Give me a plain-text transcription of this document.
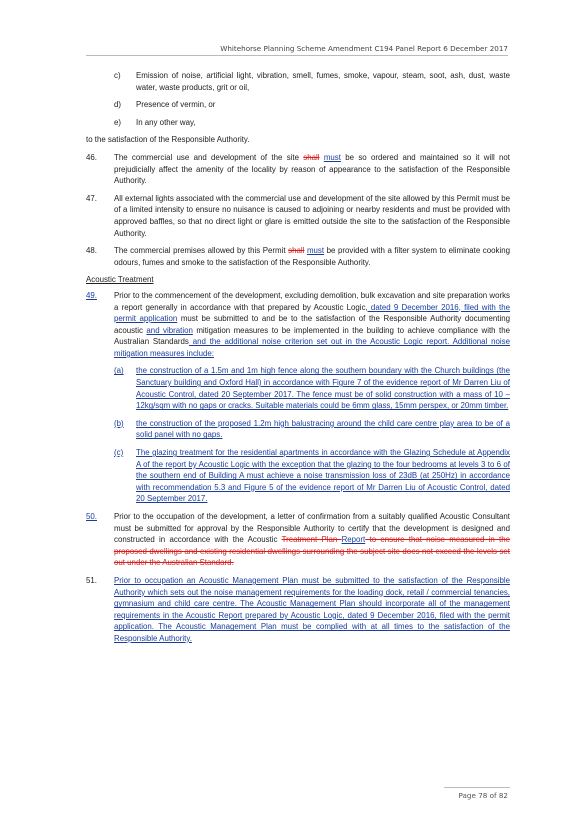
Whitehorse Planning Scheme Amendment C194 Panel Report 6 December 2017
c)	Emission of noise, artificial light, vibration, smell, fumes, smoke, vapour, steam, soot, ash, dust, waste water, waste products, grit or oil,
d)	Presence of vermin, or
e)	In any other way,
to the satisfaction of the Responsible Authority.
46.	The commercial use and development of the site shall must be so ordered and maintained so it will not prejudicially affect the amenity of the locality by reason of appearance to the satisfaction of the Responsible Authority.
47.	All external lights associated with the commercial use and development of the site allowed by this Permit must be of a limited intensity to ensure no nuisance is caused to adjoining or nearby residents and must be provided with approved baffles, so that no direct light or glare is emitted outside the site to the satisfaction of the Responsible Authority.
48.	The commercial premises allowed by this Permit shall must be provided with a filter system to eliminate cooking odours, fumes and smoke to the satisfaction of the Responsible Authority.
Acoustic Treatment
49.	Prior to the commencement of the development, excluding demolition, bulk excavation and site preparation works a report generally in accordance with that prepared by Acoustic Logic, dated 9 December 2016, filed with the permit application must be submitted to and be to the satisfaction of the Responsible Authority documenting acoustic and vibration mitigation measures to be implemented in the building to achieve compliance with the Australian Standards and the additional noise criterion set out in the Acoustic Logic report. Additional noise mitigation measures include:
(a)	the construction of a 1.5m and 1m high fence along the southern boundary with the Church buildings (the Sanctuary building and Oxford Hall) in accordance with Figure 7 of the evidence report of Mr Darren Liu of Acoustic Control, dated 20 September 2017. The fence must be of solid construction with a mass of 10 – 12kg/sqm with no gaps or cracks. Suitable materials could be 6mm glass, 15mm perspex, or 20mm timber.
(b)	the construction of the proposed 1.2m high balustracing around the child care centre play area to be of a solid panel with no gaps.
(c)	The glazing treatment for the residential apartments in accordance with the Glazing Schedule at Appendix A of the report by Acoustic Logic with the exception that the glazing to the four bedrooms at levels 3 to 6 of the southern end of Building A must achieve a noise transmission loss of 23dB (at 250Hz) in accordance with recommendation 5.3 and Figure 5 of the evidence report of Mr Darren Liu of Acoustic Control, dated 20 September 2017.
50.	Prior to the occupation of the development, a letter of confirmation from a suitably qualified Acoustic Consultant must be submitted for approval by the Responsible Authority to certify that the development is designed and constructed in accordance with the Acoustic Treatment Plan Report to ensure that noise measured in the proposed dwellings and existing residential dwellings surrounding the subject site does not exceed the levels set out under the Australian Standard.
51.	Prior to occupation an Acoustic Management Plan must be submitted to the satisfaction of the Responsible Authority which sets out the noise management requirements for the loading dock, retail / commercial tenancies, gymnasium and child care centre. The Acoustic Management Plan should incorporate all of the management requirements in the Acoustic Report prepared by Acoustic Logic, dated 9 December 2016, filed with the permit application. The Acoustic Management Plan must be complied with at all times to the satisfaction of the Responsible Authority.
Page 78 of 82
